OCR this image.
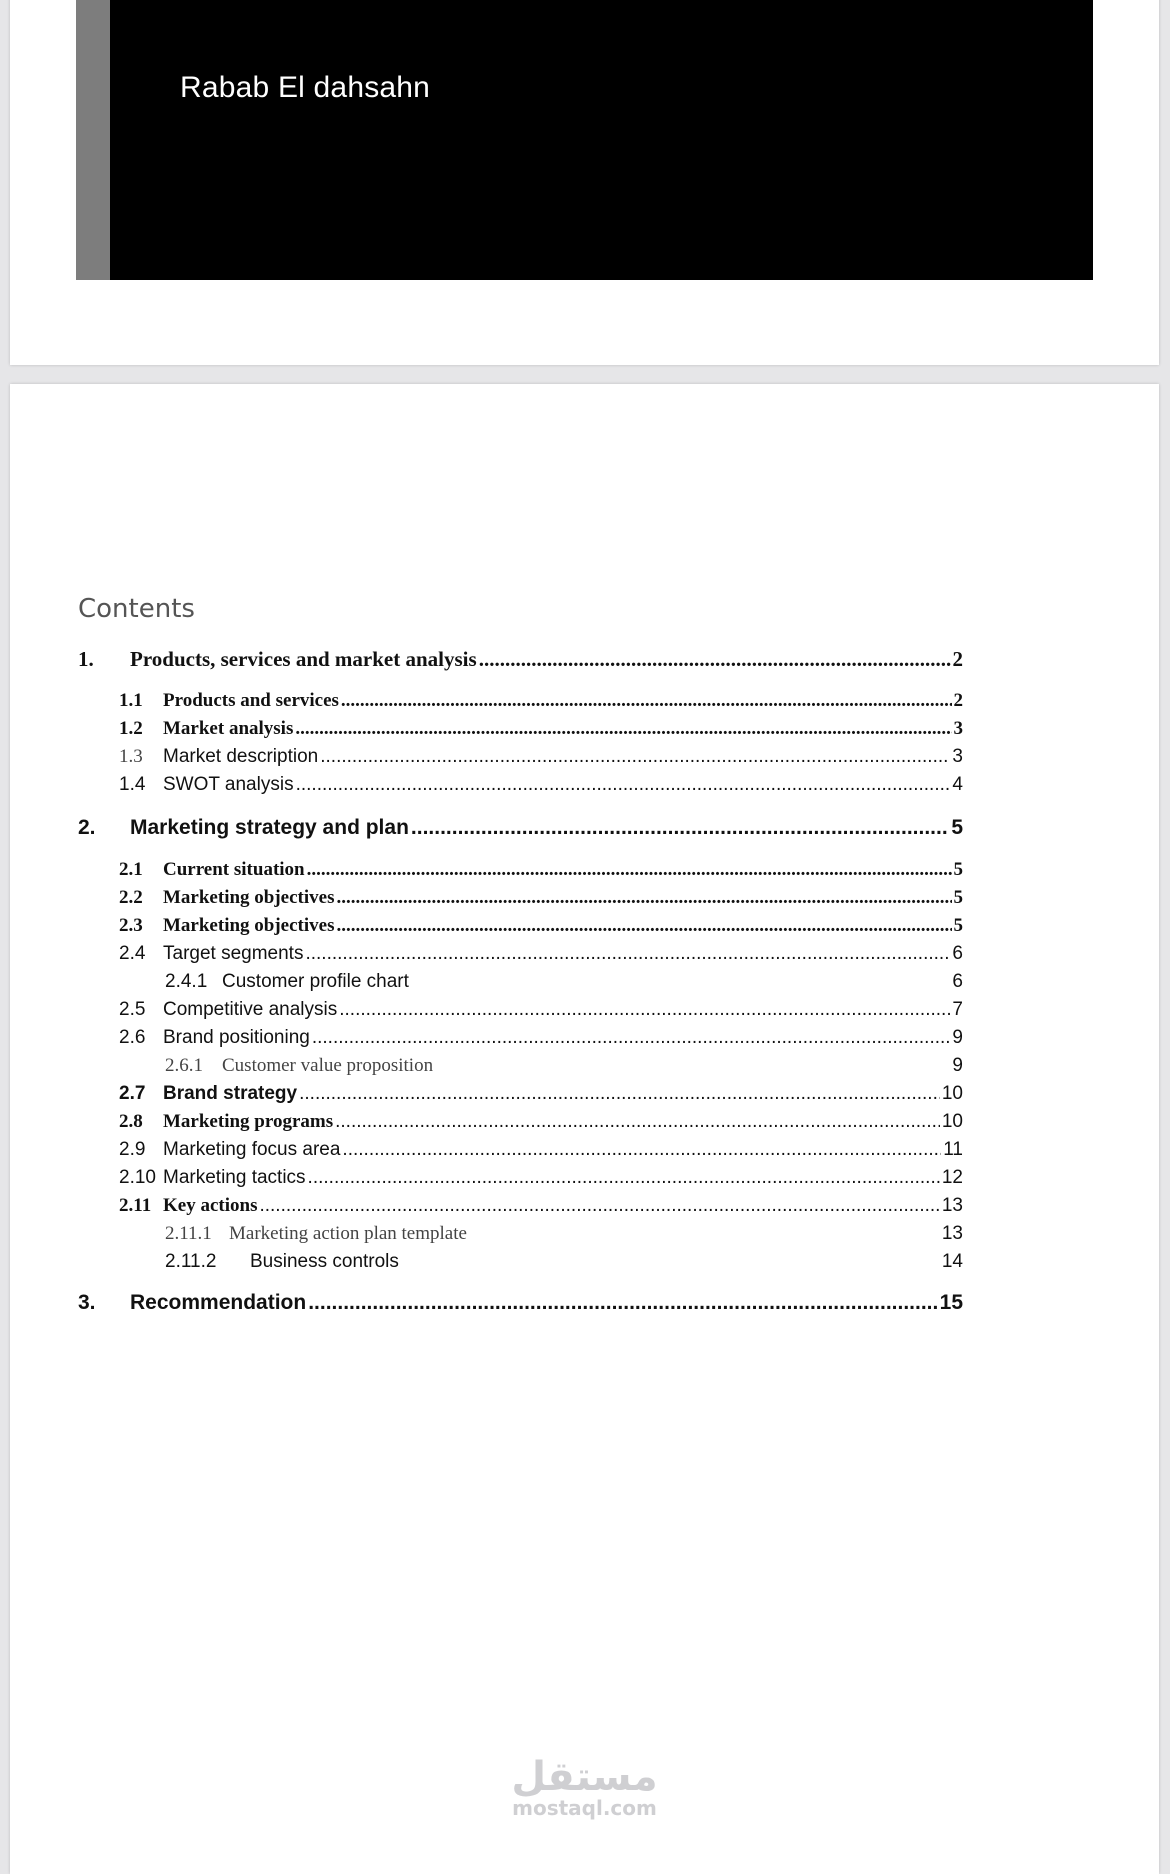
Rabab El dahsahn
Contents
1.	Products, services and market analysis .....	2
1.1	Products and services .....	2
1.2	Market analysis .....	3
1.3	Market description .....	3
1.4 SWOT analysis .....	4
2.	Marketing strategy and plan .....	5
2.1	Current situation .....	5
2.2	Marketing objectives .....	5
2.3	Marketing objectives .....	5
2.4 Target segments .....	6
2.4.1 Customer profile chart	6
2.5 Competitive analysis .....	7
2.6 Brand positioning .....	9
2.6.1	Customer value proposition	9
2.7 Brand strategy .....	10
2.8	Marketing programs .....	10
2.9 Marketing focus area .....	11
2.10 Marketing tactics .....	12
2.11 Key actions .....	13
2.11.1 Marketing action plan template	13
2.11.2	Business controls	14
3.	Recommendation .....	15
مستقل
mostaql.com
